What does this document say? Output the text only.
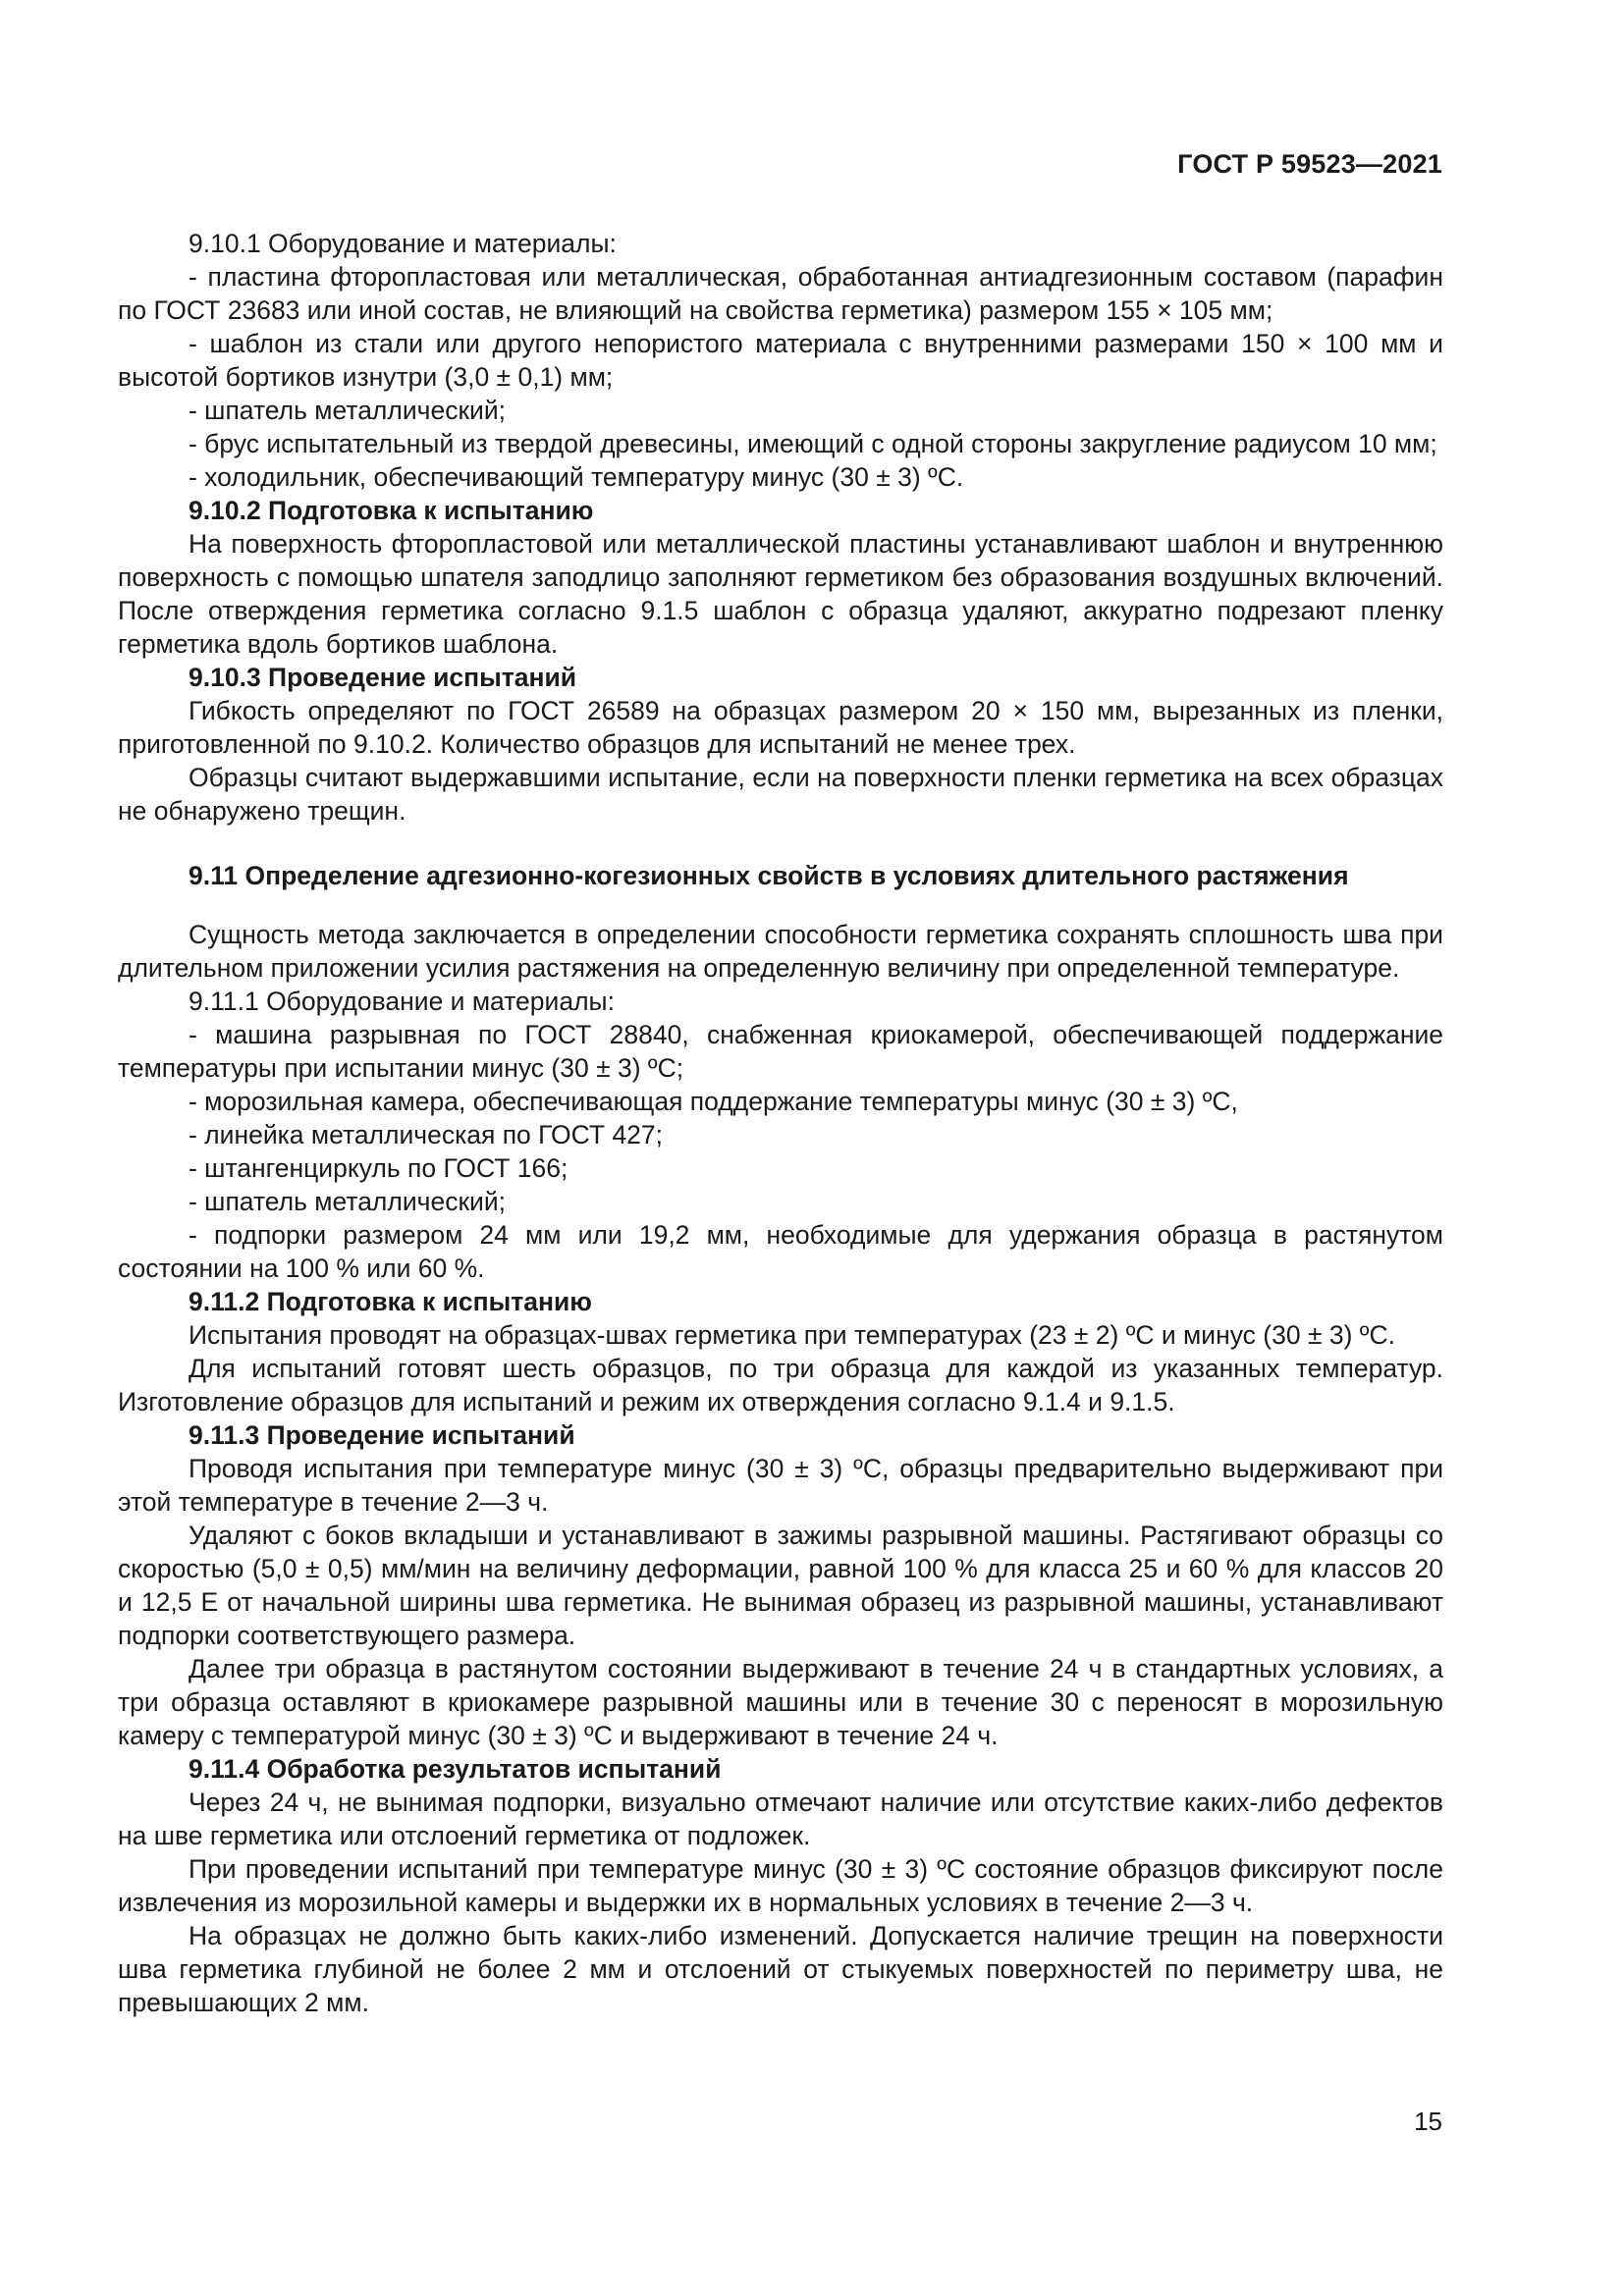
ГОСТ Р 59523—2021

9.10.1 Оборудование и материалы:

- пластина фторопластовая или металлическая, обработанная антиадгезионным составом (парафин по ГОСТ 23683 или иной состав, не влияющий на свойства герметика) размером 155 × 105 мм;

- шаблон из стали или другого непористого материала с внутренними размерами 150 × 100 мм и высотой бортиков изнутри (3,0 ± 0,1) мм;

- шпатель металлический;

- брус испытательный из твердой древесины, имеющий с одной стороны закругление радиусом 10 мм;

- холодильник, обеспечивающий температуру минус (30 ± 3) ºС.

9.10.2 Подготовка к испытанию

На поверхность фторопластовой или металлической пластины устанавливают шаблон и внутреннюю поверхность с помощью шпателя заподлицо заполняют герметиком без образования воздушных включений. После отверждения герметика согласно 9.1.5 шаблон с образца удаляют, аккуратно подрезают пленку герметика вдоль бортиков шаблона.

9.10.3 Проведение испытаний

Гибкость определяют по ГОСТ 26589 на образцах размером 20 × 150 мм, вырезанных из пленки, приготовленной по 9.10.2. Количество образцов для испытаний не менее трех.

Образцы считают выдержавшими испытание, если на поверхности пленки герметика на всех образцах не обнаружено трещин.

9.11 Определение адгезионно-когезионных свойств в условиях длительного растяжения

Сущность метода заключается в определении способности герметика сохранять сплошность шва при длительном приложении усилия растяжения на определенную величину при определенной температуре.

9.11.1 Оборудование и материалы:

- машина разрывная по ГОСТ 28840, снабженная криокамерой, обеспечивающей поддержание температуры при испытании минус (30 ± 3) ºС;

- морозильная камера, обеспечивающая поддержание температуры минус (30 ± 3) ºС,

- линейка металлическая по ГОСТ 427;

- штангенциркуль по ГОСТ 166;

- шпатель металлический;

- подпорки размером 24 мм или 19,2 мм, необходимые для удержания образца в растянутом состоянии на 100 % или 60 %.

9.11.2 Подготовка к испытанию

Испытания проводят на образцах-швах герметика при температурах (23 ± 2) ºС и минус (30 ± 3) ºС.

Для испытаний готовят шесть образцов, по три образца для каждой из указанных температур. Изготовление образцов для испытаний и режим их отверждения согласно 9.1.4 и 9.1.5.

9.11.3 Проведение испытаний

Проводя испытания при температуре минус (30 ± 3) ºС, образцы предварительно выдерживают при этой температуре в течение 2—3 ч.

Удаляют с боков вкладыши и устанавливают в зажимы разрывной машины. Растягивают образцы со скоростью (5,0 ± 0,5) мм/мин на величину деформации, равной 100 % для класса 25 и 60 % для классов 20 и 12,5 Е от начальной ширины шва герметика. Не вынимая образец из разрывной машины, устанавливают подпорки соответствующего размера.

Далее три образца в растянутом состоянии выдерживают в течение 24 ч в стандартных условиях, а три образца оставляют в криокамере разрывной машины или в течение 30 с переносят в морозильную камеру с температурой минус (30 ± 3) ºС и выдерживают в течение 24 ч.

9.11.4 Обработка результатов испытаний

Через 24 ч, не вынимая подпорки, визуально отмечают наличие или отсутствие каких-либо дефектов на шве герметика или отслоений герметика от подложек.

При проведении испытаний при температуре минус (30 ± 3) ºС состояние образцов фиксируют после извлечения из морозильной камеры и выдержки их в нормальных условиях в течение 2—3 ч.

На образцах не должно быть каких-либо изменений. Допускается наличие трещин на поверхности шва герметика глубиной не более 2 мм и отслоений от стыкуемых поверхностей по периметру шва, не превышающих 2 мм.

15
